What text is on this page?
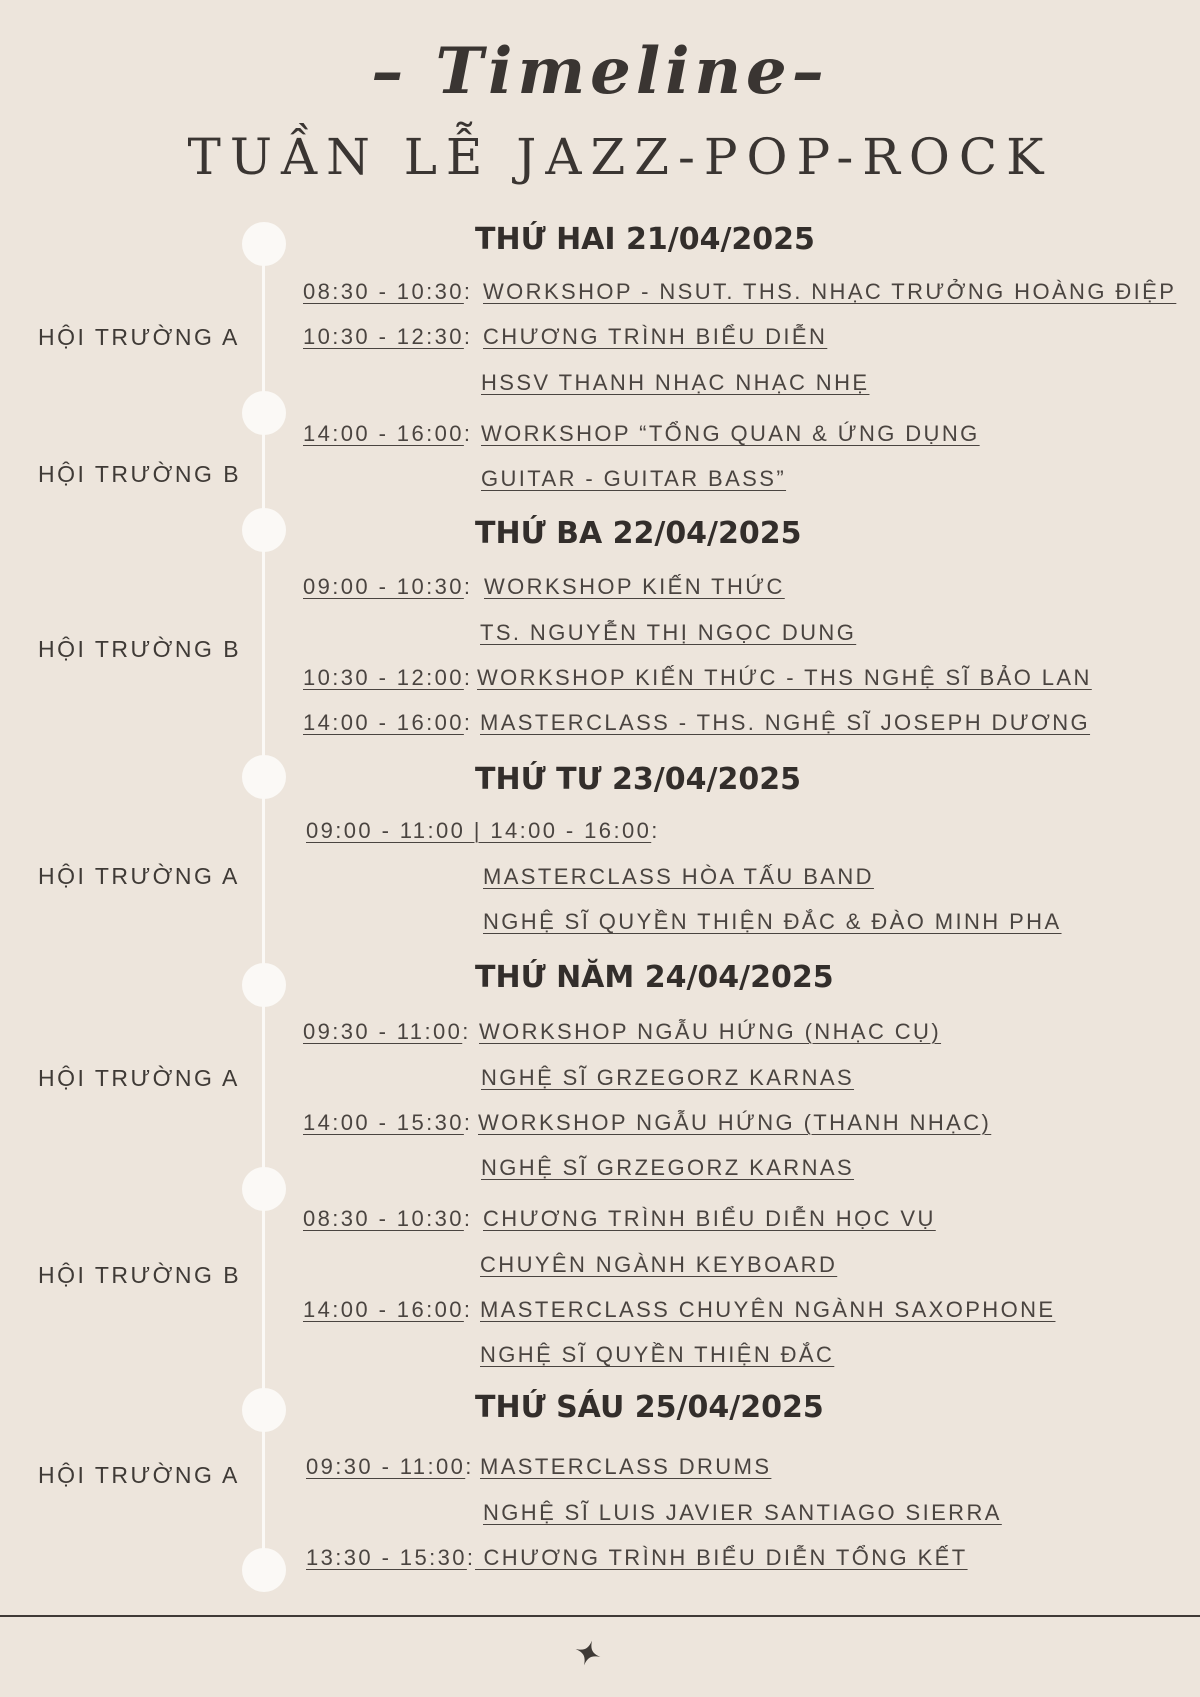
– Timeline–
TUẦN LỄ JAZZ-POP-ROCK
THỨ HAI 21/04/2025
THỨ BA 22/04/2025
THỨ TƯ 23/04/2025
THỨ NĂM 24/04/2025
THỨ SÁU 25/04/2025
HỘI TRƯỜNG A
HỘI TRƯỜNG B
HỘI TRƯỜNG B
HỘI TRƯỜNG A
HỘI TRƯỜNG A
HỘI TRƯỜNG B
HỘI TRƯỜNG A
08:30 - 10:30: WORKSHOP - NSUT. THS. NHẠC TRƯỞNG HOÀNG ĐIỆP
10:30 - 12:30: CHƯƠNG TRÌNH BIỂU DIỄN
HSSV THANH NHẠC NHẠC NHẸ
14:00 - 16:00: WORKSHOP “TỔNG QUAN & ỨNG DỤNG
GUITAR - GUITAR BASS”
09:00 - 10:30: WORKSHOP KIẾN THỨC
TS. NGUYỄN THỊ NGỌC DUNG
10:30 - 12:00: WORKSHOP KIẾN THỨC - THS NGHỆ SĨ BẢO LAN
14:00 - 16:00: MASTERCLASS - THS. NGHỆ SĨ JOSEPH DƯƠNG
09:00 - 11:00 | 14:00 - 16:00:
MASTERCLASS HÒA TẤU BAND
NGHỆ SĨ QUYỀN THIỆN ĐẮC & ĐÀO MINH PHA
09:30 - 11:00: WORKSHOP NGẪU HỨNG (NHẠC CỤ)
NGHỆ SĨ GRZEGORZ KARNAS
14:00 - 15:30: WORKSHOP NGẪU HỨNG (THANH NHẠC)
NGHỆ SĨ GRZEGORZ KARNAS
08:30 - 10:30: CHƯƠNG TRÌNH BIỂU DIỄN HỌC VỤ
CHUYÊN NGÀNH KEYBOARD
14:00 - 16:00: MASTERCLASS CHUYÊN NGÀNH SAXOPHONE
NGHỆ SĨ QUYỀN THIỆN ĐẮC
09:30 - 11:00: MASTERCLASS DRUMS
NGHỆ SĨ LUIS JAVIER SANTIAGO SIERRA
13:30 - 15:30: CHƯƠNG TRÌNH BIỂU DIỄN TỔNG KẾT
